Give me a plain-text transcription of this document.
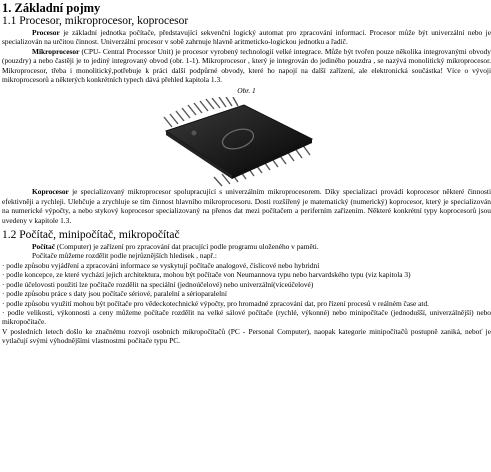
1. Základní pojmy
1.1 Procesor, mikroprocesor, koprocesor

Procesor je základní jednotka počítače, představující sekvenční logický automat pro zpracování informací. Procesor může být univerzální nebo je specializován na určitou činnost. Univerzální procesor v sobě zahrnuje hlavně aritmeticko-logickou jednotku a řadič.

Mikroprocesor (CPU- Central Processor Unit) je procesor vyrobený technologií velké integrace. Může být tvořen pouze několika integrovanými obvody (pouzdry) a nebo častěji je to jediný integrovaný obvod (obr. 1-1). Mikroprocesor , který je integrován do jediného pouzdra , se nazývá monolitický mikroprocesor. Mikroprocesor, třeba i monolitický,potřebuje k práci další podpůrné obvody, které ho napojí na další zařízení, ale elektronická součástka! Více o vývoji mikroprocesorů a některých konkrétních typech dává přehled kapitola 1.3.

Obr. 1

Koprocesor je specializovaný mikroprocesor spolupracující s univerzálním mikroprocesorem. Díky specializaci provádí koprocesor některé činnosti efektivněji a rychleji. Ulehčuje a zrychluje se tím činnost hlavního mikroprocesoru. Dosti rozšířený je matematický (numerický) koprocesor, který je specializován na numerické výpočty, a nebo stykový koprocesor specializovaný na přenos dat mezi počítačem a periferním zařízením. Některé konkrétní typy koprocesorů jsou uvedeny v kapitole 1.3.

1.2 Počítač, minipočítač, mikropočítač

Počítač (Computer) je zařízení pro zpracování dat pracující podle programu uloženého v paměti.

Počítače můžeme rozdělit podle nejrůznějších hledisek , např.:

· podle způsobu vyjádření a zpracování informace se vyskytují počítače analogové, číslicové nebo hybridní

· podle koncepce, ze které vychází jejich architektura, mohou být počítače von Neumannova typu nebo harvardského typu (viz kapitola 3)

· podle účelovosti použití lze počítače rozdělit na speciální (jednoúčelové) nebo univerzální(víceúčelové)

· podle způsobu práce s daty jsou počítače sériové, paralelní a sérioparalelní

· podle způsobu využití mohou být počítače pro vědeckotechnické výpočty, pro hromadné zpracování dat, pro řízení procesů v reálném čase atd.

· podle velikosti, výkonnosti a ceny můžeme počítače rozdělit na velké sálové počítače (rychlé, výkonné) nebo minipočítače (jednodušší, univerzálnější) nebo mikropočítače.

V posledních letech došlo ke značnému rozvoji osobních mikropočítačů (PC - Personal Computer), naopak kategorie minipočítačů postupně zaniká, neboť je vytlačují svými výhodnějšími vlastnostmi počítače typu PC.
